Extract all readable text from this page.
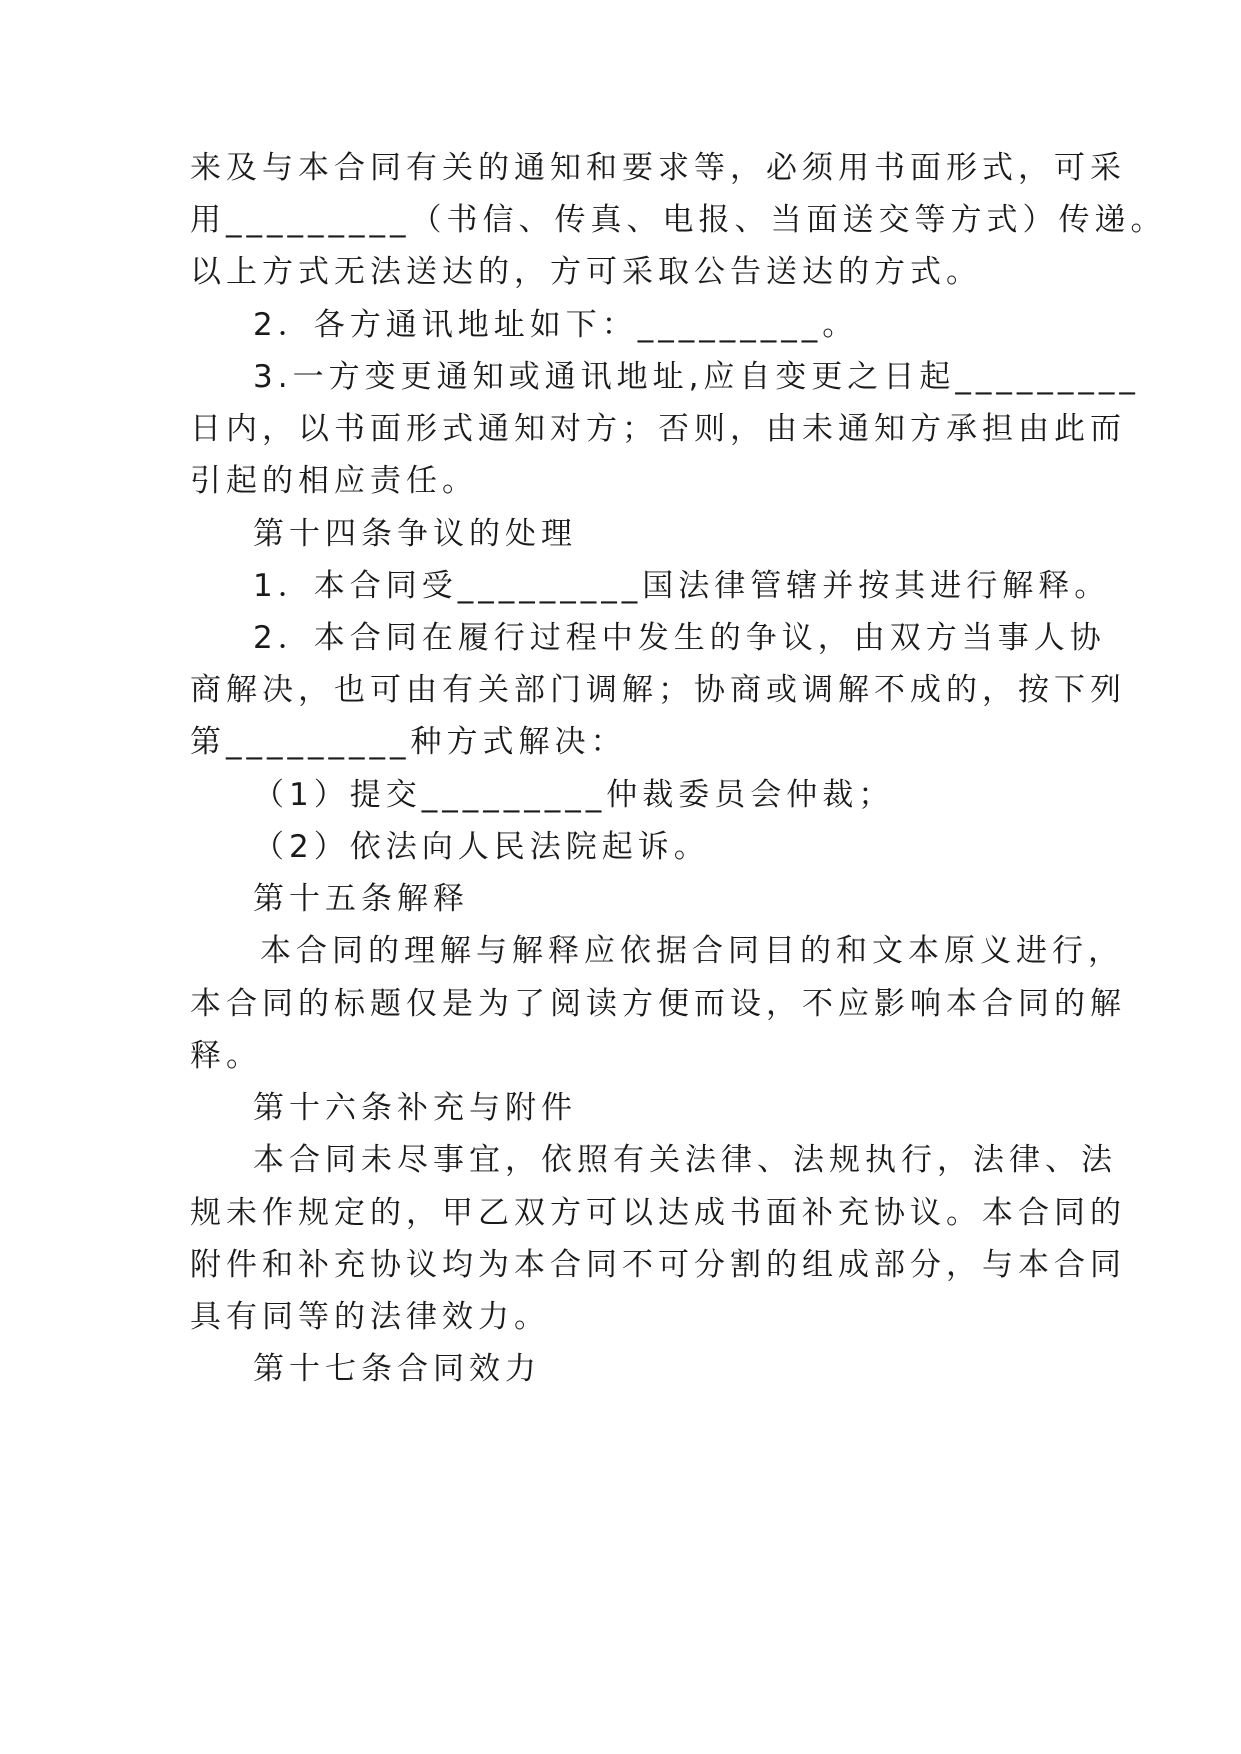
来及与本合同有关的通知和要求等，必须用书面形式，可采
用_________（书信、传真、电报、当面送交等方式）传递。
以上方式无法送达的，方可采取公告送达的方式。
2．各方通讯地址如下：_________。
3.一方变更通知或通讯地址,应自变更之日起_________
日内，以书面形式通知对方；否则，由未通知方承担由此而
引起的相应责任。
第十四条争议的处理
1．本合同受_________国法律管辖并按其进行解释。
2．本合同在履行过程中发生的争议，由双方当事人协
商解决，也可由有关部门调解；协商或调解不成的，按下列
第_________种方式解决：
（1）提交_________仲裁委员会仲裁；
（2）依法向人民法院起诉。
第十五条解释
本合同的理解与解释应依据合同目的和文本原义进行，
本合同的标题仅是为了阅读方便而设，不应影响本合同的解
释。
第十六条补充与附件
本合同未尽事宜，依照有关法律、法规执行，法律、法
规未作规定的，甲乙双方可以达成书面补充协议。本合同的
附件和补充协议均为本合同不可分割的组成部分，与本合同
具有同等的法律效力。
第十七条合同效力
